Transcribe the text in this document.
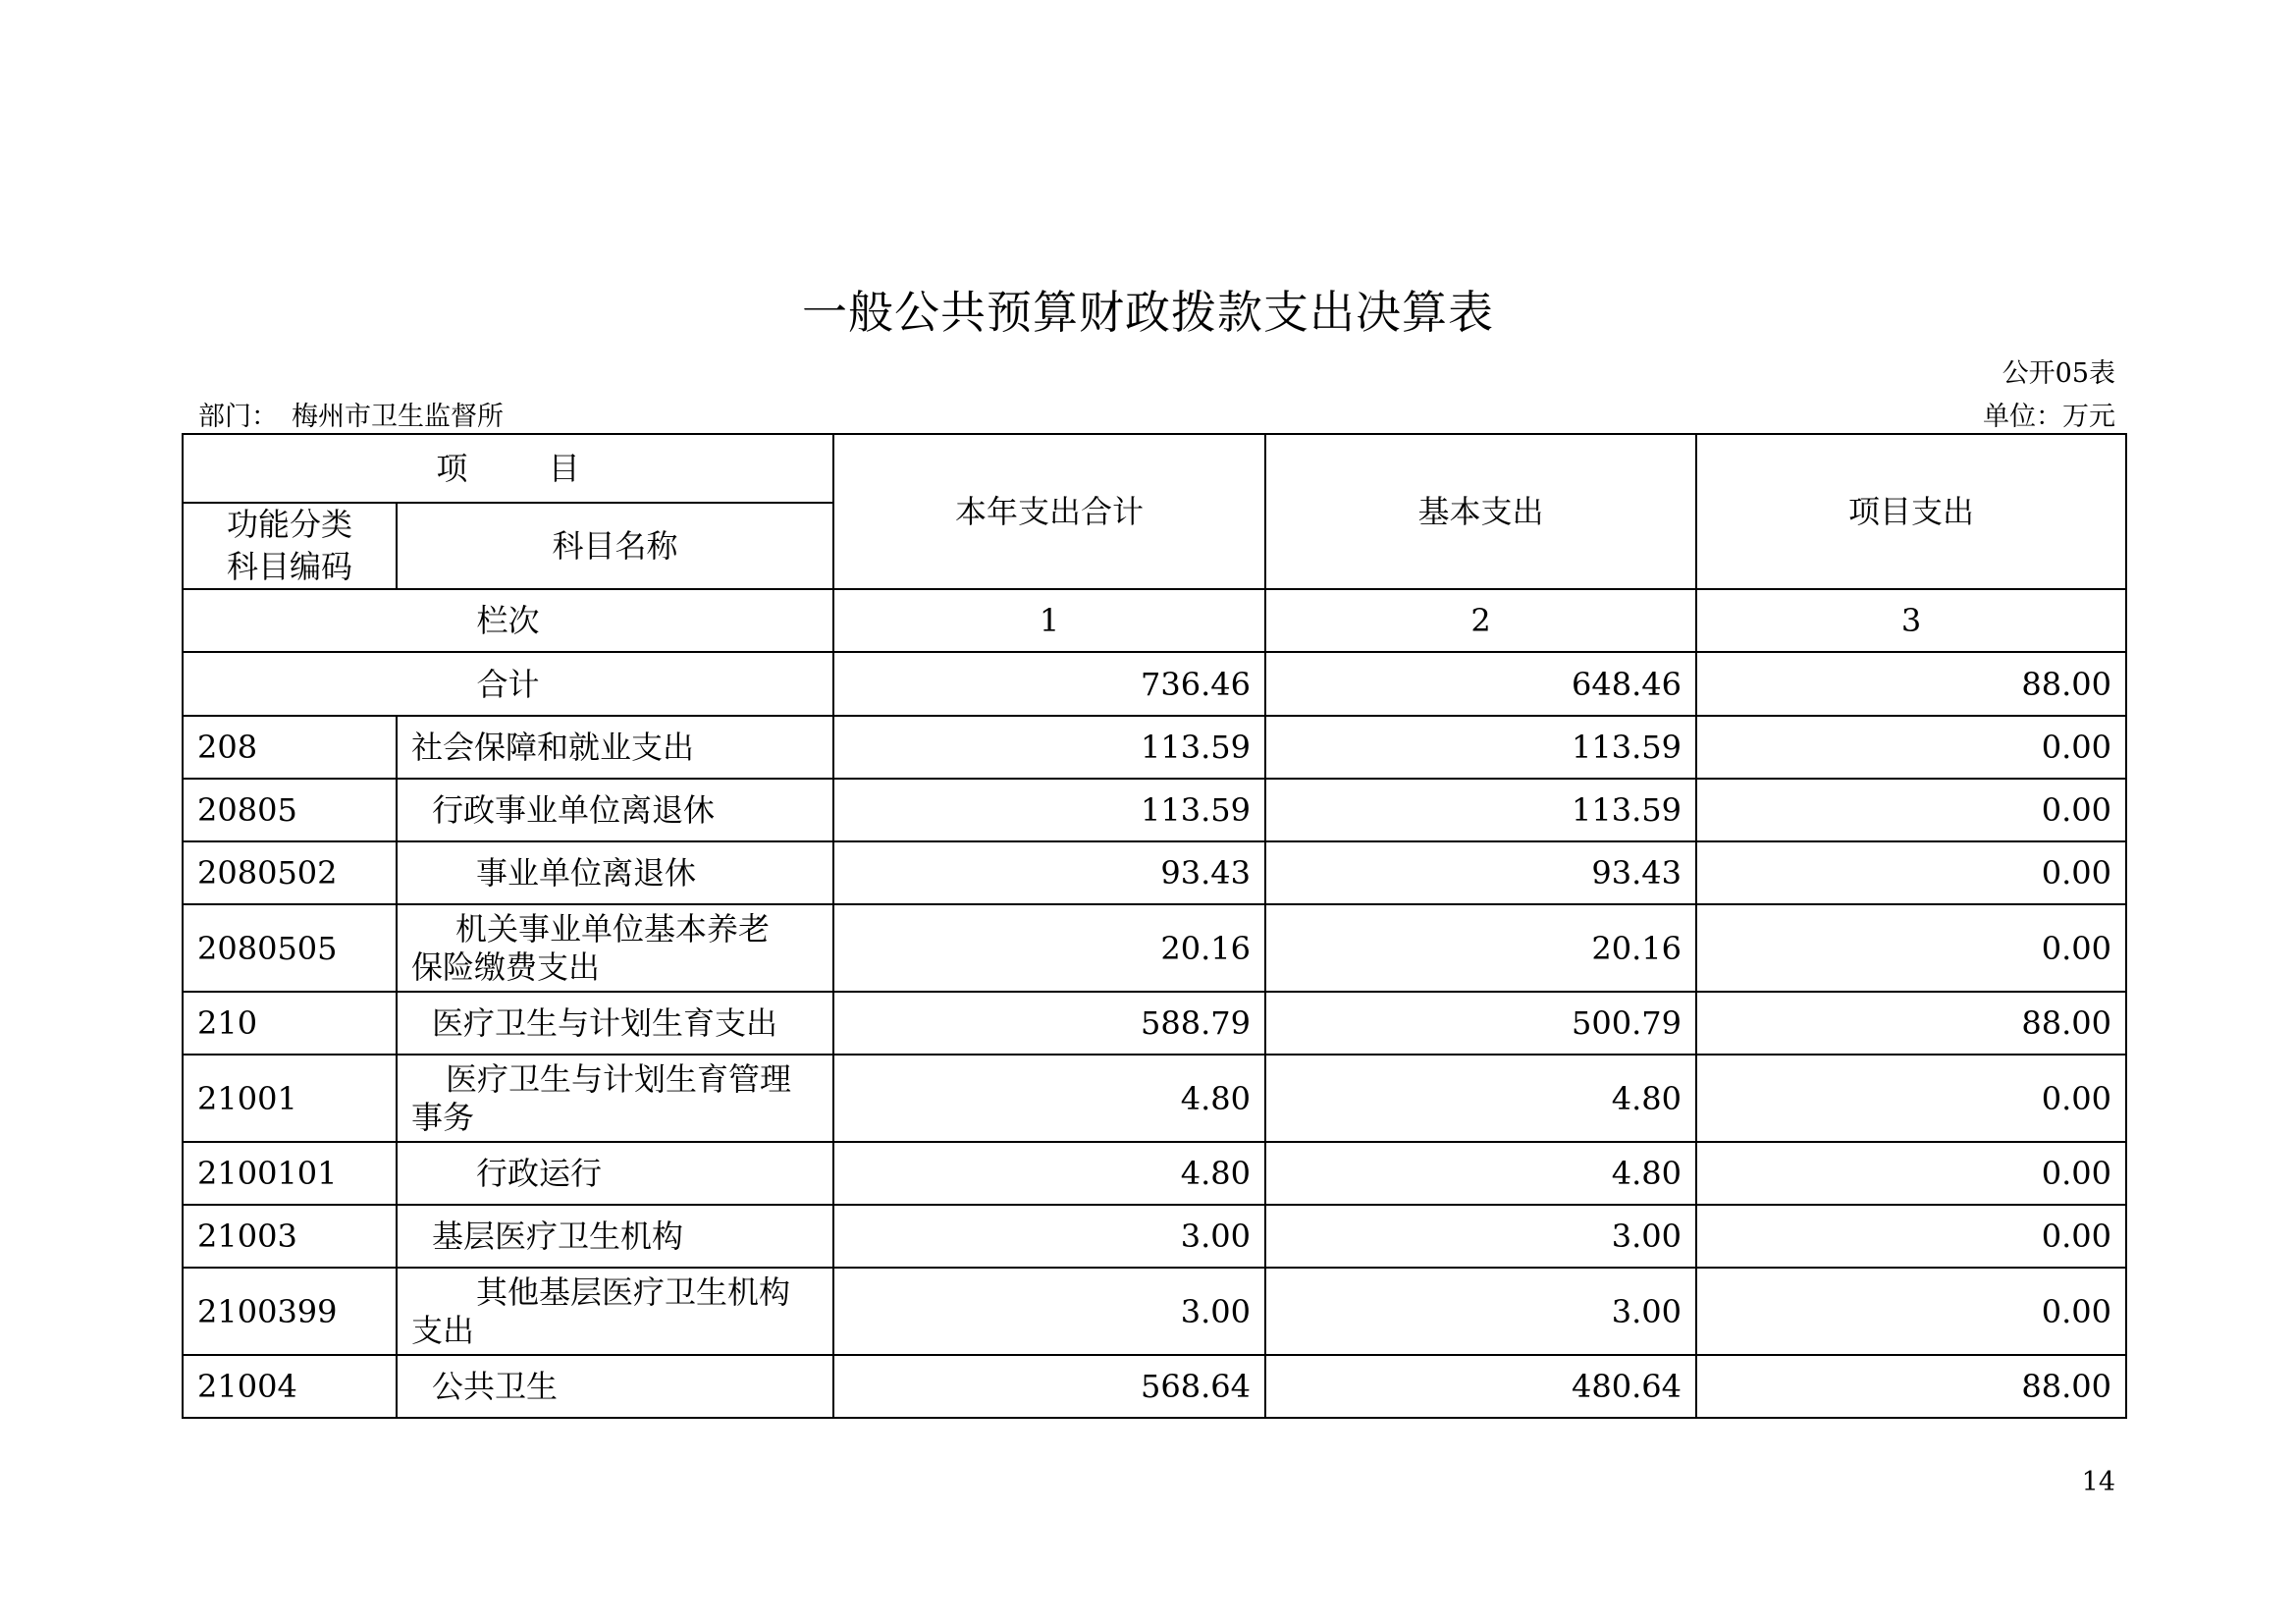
一般公共预算财政拨款支出决算表
公开05表
部门： 梅州市卫生监督所	单位：万元
项 目		本年支出合计	基本支出	项目支出

功能分类
科目编码	科目名称			
栏次		1	2	3
合计		736.46	648.46	88.00
208	社会保障和就业支出	113.59	113.59	0.00
20805	行政事业单位离退休	113.59	113.59	0.00
2080502	事业单位离退休	93.43	93.43	0.00
2080505	机关事业单位基本养老
保险缴费支出	20.16	20.16	0.00
210	医疗卫生与计划生育支出	588.79	500.79	88.00
21001	医疗卫生与计划生育管理
事务	4.80	4.80	0.00
2100101	行政运行	4.80	4.80	0.00
21003	基层医疗卫生机构	3.00	3.00	0.00
2100399	其他基层医疗卫生机构
支出	3.00	3.00	0.00
21004	公共卫生	568.64	480.64	88.00
14
